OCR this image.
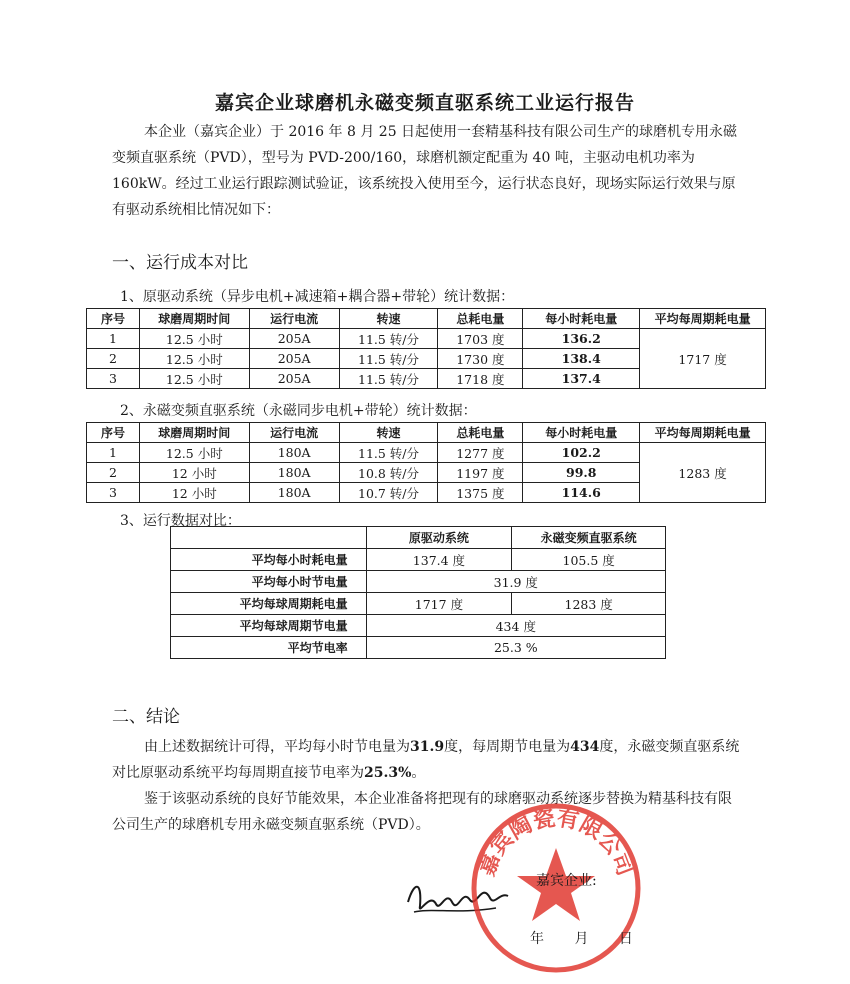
嘉宾企业球磨机永磁变频直驱系统工业运行报告

本企业（嘉宾企业）于 2016 年 8 月 25 日起使用一套精基科技有限公司生产的球磨机专用永磁变频直驱系统（PVD），型号为 PVD-200/160，球磨机额定配重为 40 吨，主驱动电机功率为 160kW。经过工业运行跟踪测试验证，该系统投入使用至今，运行状态良好，现场实际运行效果与原有驱动系统相比情况如下：

一、运行成本对比
1、原驱动系统（异步电机+减速箱+耦合器+带轮）统计数据：
序号	球磨周期时间	运行电流	转速	总耗电量	每小时耗电量	平均每周期耗电量
1	12.5 小时	205A	11.5 转/分	1703 度	136.2	1717 度
2	12.5 小时	205A	11.5 转/分	1730 度	138.4	
3	12.5 小时	205A	11.5 转/分	1718 度	137.4	
2、永磁变频直驱系统（永磁同步电机+带轮）统计数据：
序号	球磨周期时间	运行电流	转速	总耗电量	每小时耗电量	平均每周期耗电量
1	12.5 小时	180A	11.5 转/分	1277 度	102.2	1283 度
2	12 小时	180A	10.8 转/分	1197 度	99.8	
3	12 小时	180A	10.7 转/分	1375 度	114.6	
3、运行数据对比：
	原驱动系统	永磁变频直驱系统
平均每小时耗电量	137.4 度	105.5 度
平均每小时节电量	31.9 度	
平均每球周期耗电量	1717 度	1283 度
平均每球周期节电量	434 度	
平均节电率	25.3 %	
二、结论

由上述数据统计可得，平均每小时节电量为31.9度，每周期节电量为434度，永磁变频直驱系统对比原驱动系统平均每周期直接节电率为25.3%。

鉴于该驱动系统的良好节能效果，本企业准备将把现有的球磨驱动系统逐步替换为精基科技有限公司生产的球磨机专用永磁变频直驱系统（PVD）。

嘉宾陶瓷有限公司
嘉宾企业:
年 月 日
